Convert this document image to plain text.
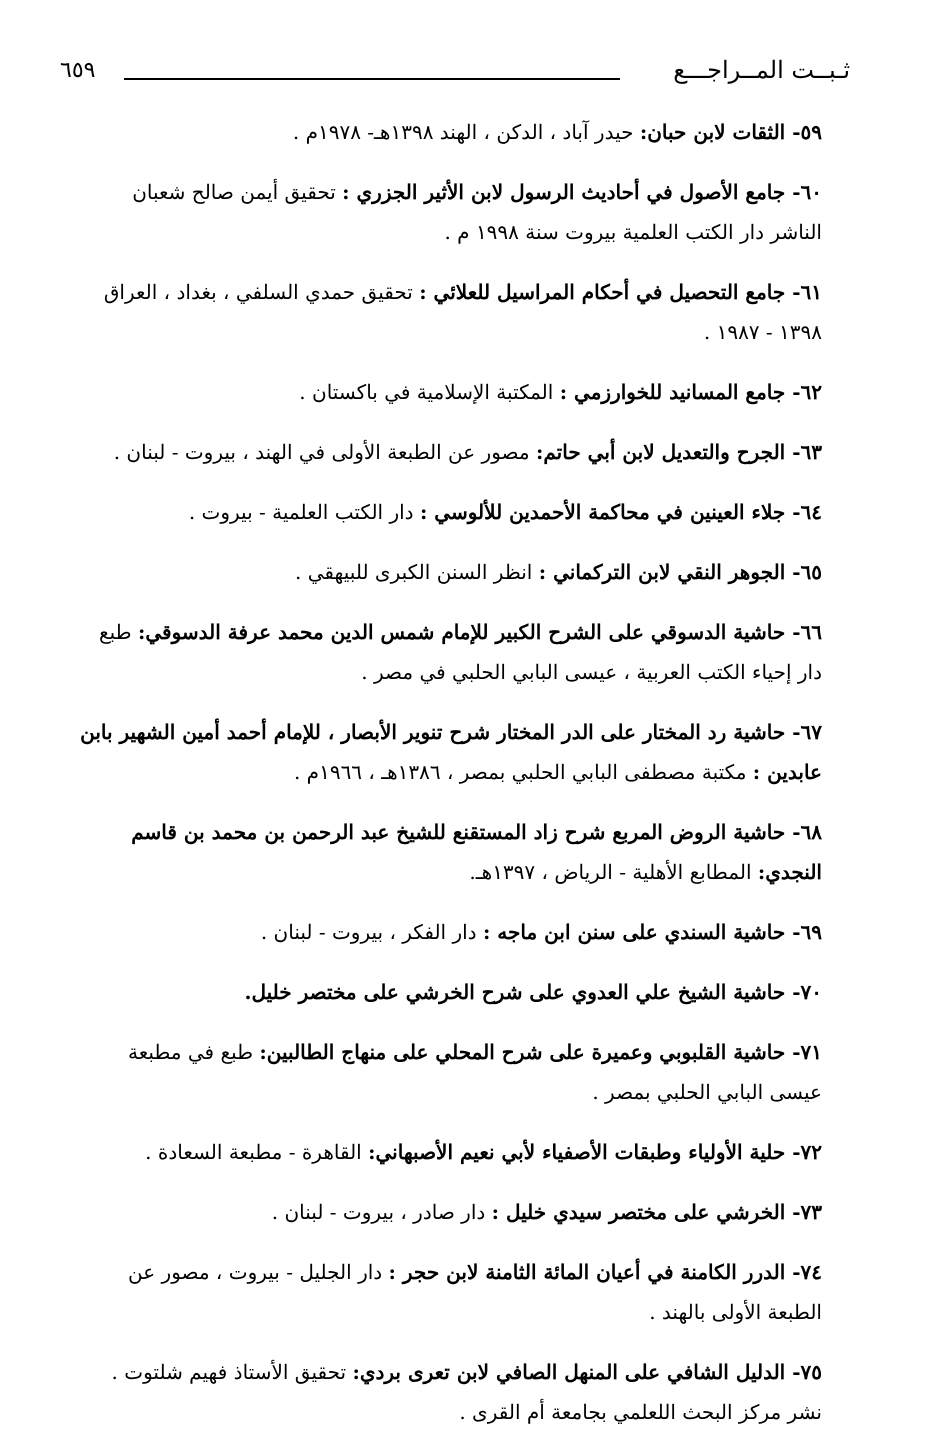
٦٥٩	ثـبــت المــراجـــع
٥٩- الثقات لابن حبان: حيدر آباد ، الدكن ، الهند ١٣٩٨هـ- ١٩٧٨م .
٦٠- جامع الأصول في أحاديث الرسول لابن الأثير الجزري : تحقيق أيمن صالح شعبان الناشر دار الكتب العلمية بيروت سنة ١٩٩٨ م .
٦١- جامع التحصيل في أحكام المراسيل للعلائي : تحقيق حمدي السلفي ، بغداد ، العراق ١٣٩٨ - ١٩٨٧ .
٦٢- جامع المسانيد للخوارزمي : المكتبة الإسلامية في باكستان .
٦٣- الجرح والتعديل لابن أبي حاتم: مصور عن الطبعة الأولى في الهند ، بيروت - لبنان .
٦٤- جلاء العينين في محاكمة الأحمدين للألوسي : دار الكتب العلمية - بيروت .
٦٥- الجوهر النقي لابن التركماني : انظر السنن الكبرى للبيهقي .
٦٦- حاشية الدسوقي على الشرح الكبير للإمام شمس الدين محمد عرفة الدسوقي: طبع دار إحياء الكتب العربية ، عيسى البابي الحلبي في مصر .
٦٧- حاشية رد المختار على الدر المختار شرح تنوير الأبصار ، للإمام أحمد أمين الشهير بابن عابدين : مكتبة مصطفى البابي الحلبي بمصر ، ١٣٨٦هـ ، ١٩٦٦م .
٦٨- حاشية الروض المربع شرح زاد المستقنع للشيخ عبد الرحمن بن محمد بن قاسم النجدي: المطابع الأهلية - الرياض ، ١٣٩٧هـ.
٦٩- حاشية السندي على سنن ابن ماجه : دار الفكر ، بيروت - لبنان .
٧٠- حاشية الشيخ علي العدوي على شرح الخرشي على مختصر خليل.
٧١- حاشية القلبوبي وعميرة على شرح المحلي على منهاج الطالبين: طبع في مطبعة عيسى البابي الحلبي بمصر .
٧٢- حلية الأولياء وطبقات الأصفياء لأبي نعيم الأصبهاني: القاهرة - مطبعة السعادة .
٧٣- الخرشي على مختصر سيدي خليل : دار صادر ، بيروت - لبنان .
٧٤- الدرر الكامنة في أعيان المائة الثامنة لابن حجر : دار الجليل - بيروت ، مصور عن الطبعة الأولى بالهند .
٧٥- الدليل الشافي على المنهل الصافي لابن تعرى بردي: تحقيق الأستاذ فهيم شلتوت . نشر مركز البحث اللعلمي بجامعة أم القرى .
